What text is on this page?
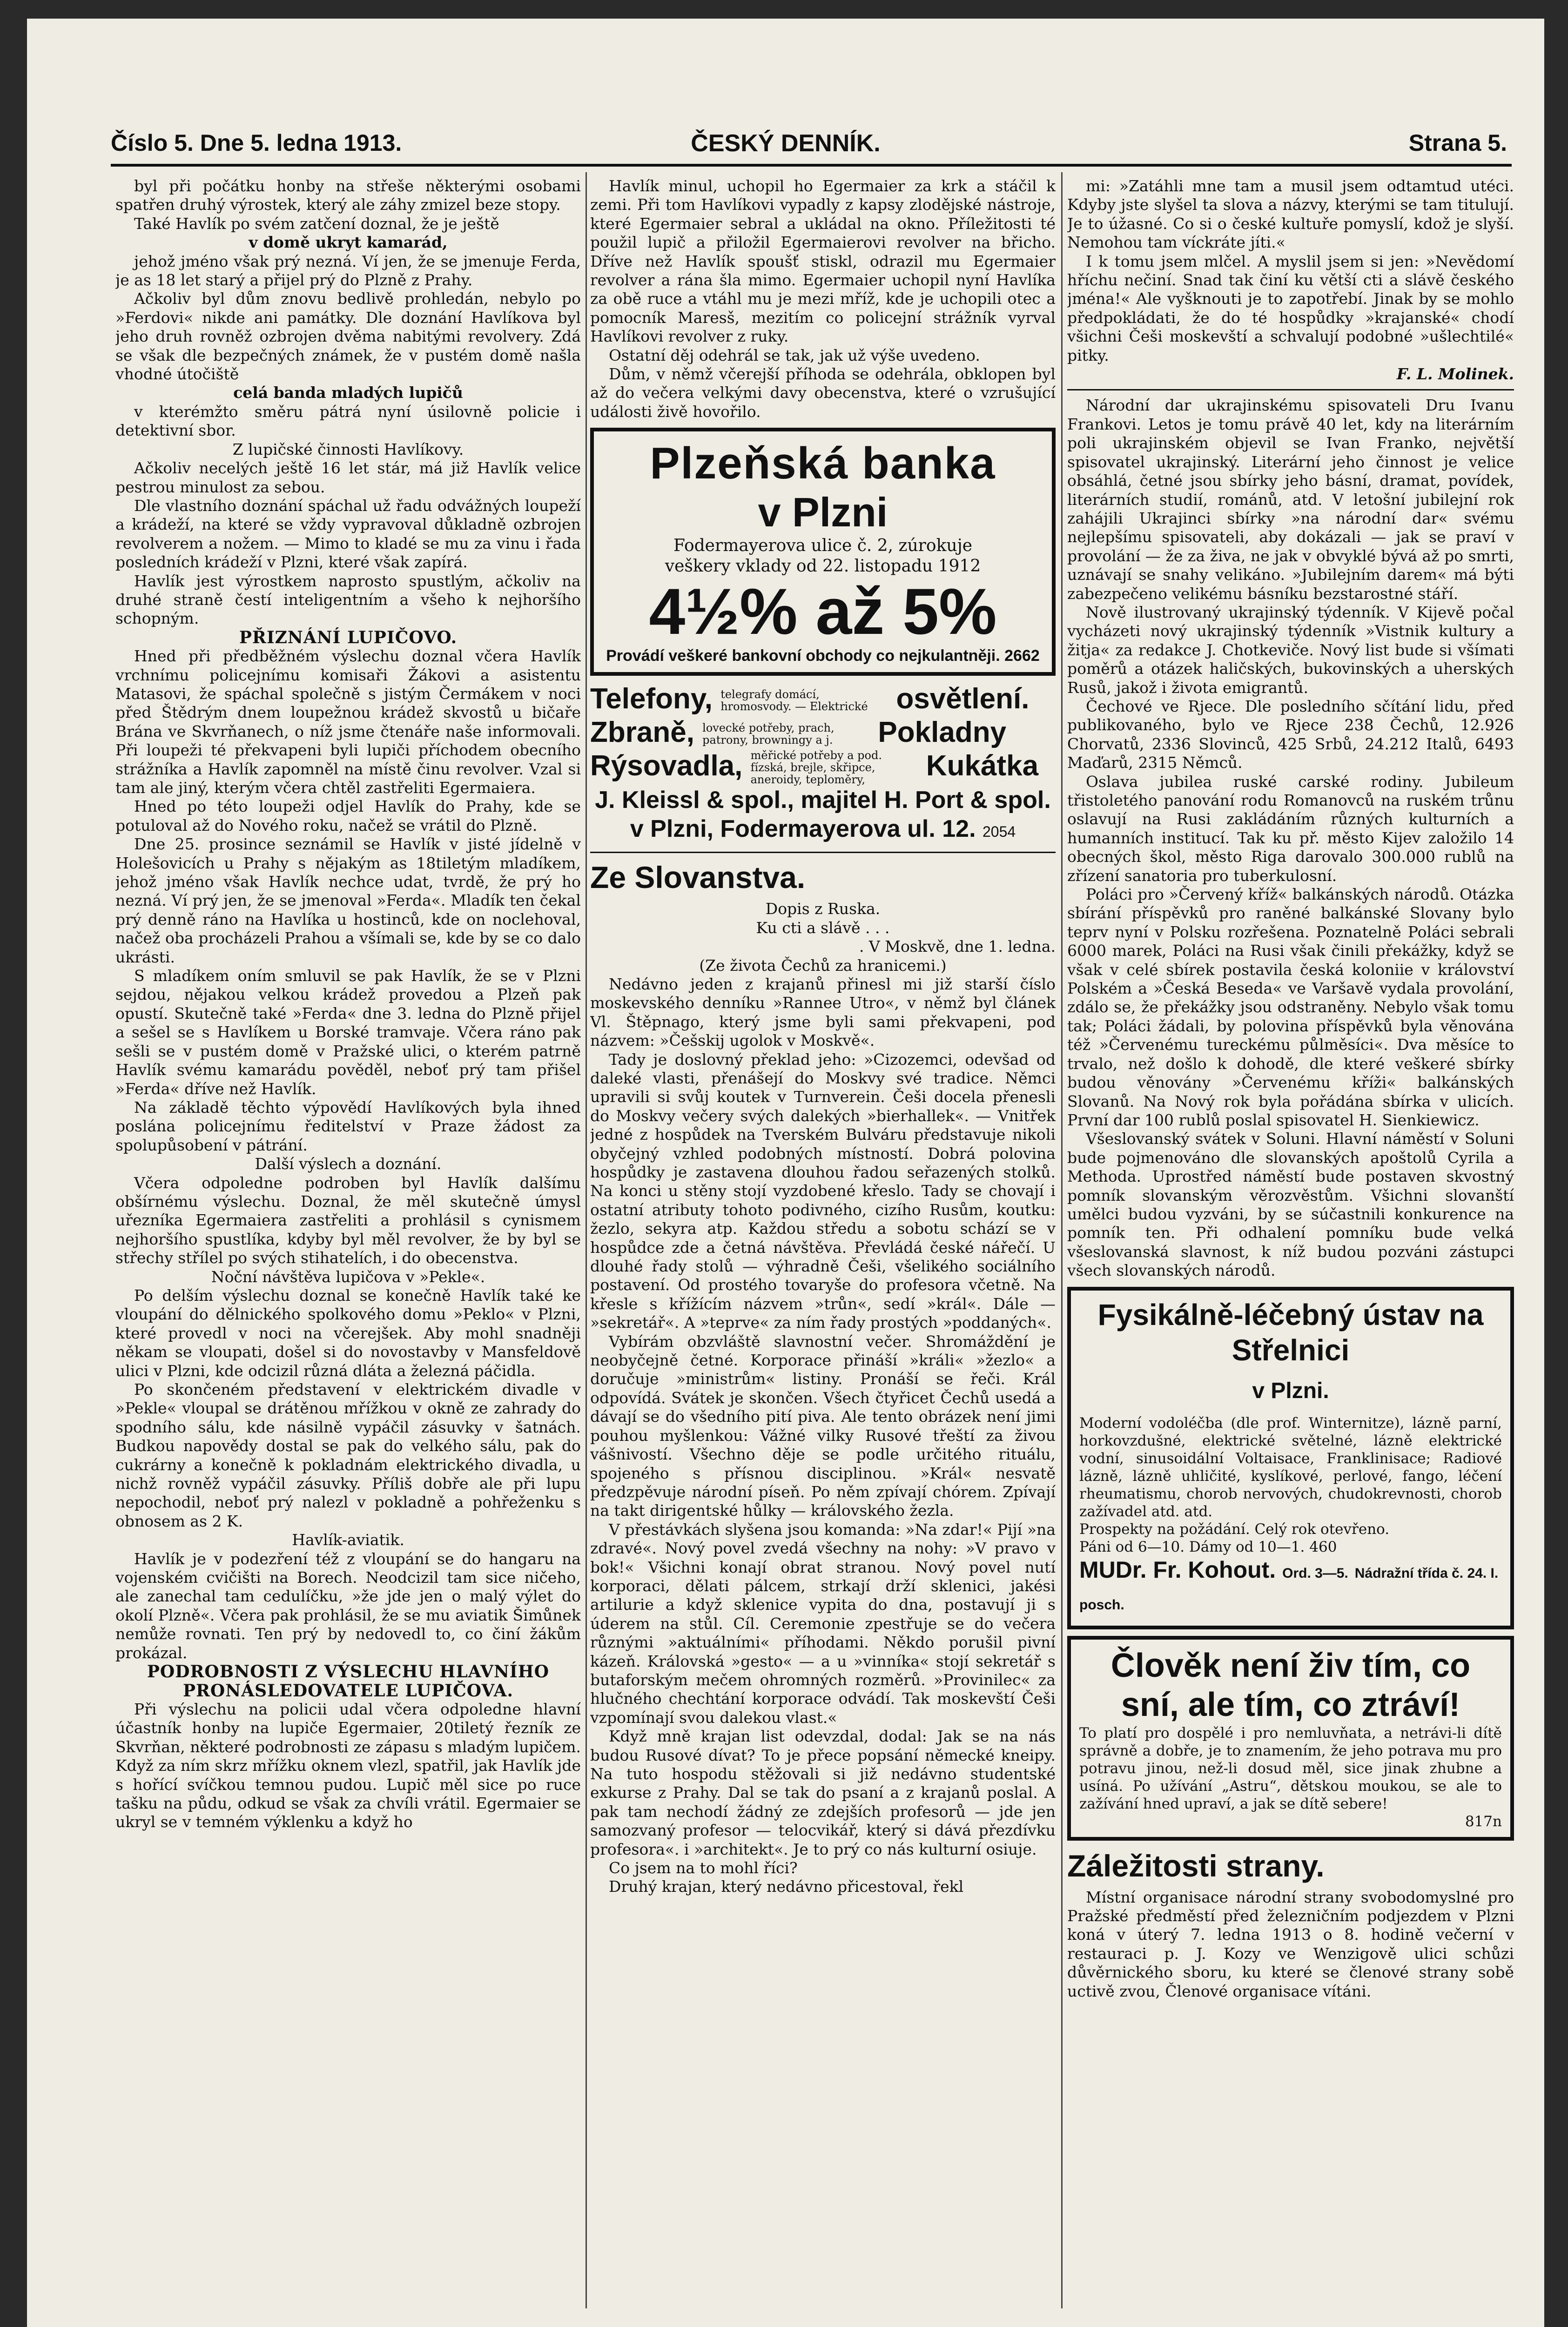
Číslo 5. Dne 5. ledna 1913.	ČESKÝ DENNÍK.	Strana 5.

byl při počátku honby na střeše některými osobami spatřen druhý výrostek, který ale záhy zmizel beze stopy.

Také Havlík po svém zatčení doznal, že je ještě

v domě ukryt kamarád,

jehož jméno však prý nezná. Ví jen, že se jmenuje Ferda, je as 18 let starý a přijel prý do Plzně z Prahy.

Ačkoliv byl dům znovu bedlivě prohledán, nebylo po »Ferdovi« nikde ani památky. Dle doznání Havlíkova byl jeho druh rovněž ozbrojen dvěma nabitými revolvery. Zdá se však dle bezpečných známek, že v pustém domě našla vhodné útočiště

celá banda mladých lupičů

v kterémžto směru pátrá nyní úsilovně policie i detektivní sbor.

Z lupičské činnosti Havlíkovy.

Ačkoliv necelých ještě 16 let stár, má již Havlík velice pestrou minulost za sebou.

Dle vlastního doznání spáchal už řadu odvážných loupeží a krádeží, na které se vždy vypravoval důkladně ozbrojen revolverem a nožem. — Mimo to kladé se mu za vinu i řada posledních krádeží v Plzni, které však zapírá.

Havlík jest výrostkem naprosto spustlým, ačkoliv na druhé straně čestí inteligentním a všeho k nejhoršího schopným.

PŘIZNÁNÍ LUPIČOVO.

Hned při předběžném výslechu doznal včera Havlík vrchnímu policejnímu komisaři Žákovi a asistentu Matasovi, že spáchal společně s jistým Čermákem v noci před Štědrým dnem loupežnou krádež skvostů u bičaře Brána ve Skvrňanech, o níž jsme čtenáře naše informovali. Při loupeži té překvapeni byli lupiči příchodem obecního strážníka a Havlík zapomněl na místě činu revolver. Vzal si tam ale jiný, kterým včera chtěl zastřeliti Egermaiera.

Hned po této loupeži odjel Havlík do Prahy, kde se potuloval až do Nového roku, načež se vrátil do Plzně.

Dne 25. prosince seznámil se Havlík v jisté jídelně v Holešovicích u Prahy s nějakým as 18tiletým mladíkem, jehož jméno však Havlík nechce udat, tvrdě, že prý ho nezná. Ví prý jen, že se jmenoval »Ferda«. Mladík ten čekal prý denně ráno na Havlíka u hostinců, kde on noclehoval, načež oba procházeli Prahou a všímali se, kde by se co dalo ukrásti.

S mladíkem oním smluvil se pak Havlík, že se v Plzni sejdou, nějakou velkou krádež provedou a Plzeň pak opustí. Skutečně také »Ferda« dne 3. ledna do Plzně přijel a sešel se s Havlíkem u Borské tramvaje. Včera ráno pak sešli se v pustém domě v Pražské ulici, o kterém patrně Havlík svému kamarádu pověděl, neboť prý tam přišel »Ferda« dříve než Havlík.

Na základě těchto výpovědí Havlíkových byla ihned poslána policejnímu ředitelství v Praze žádost za spolupůsobení v pátrání.

Další výslech a doznání.

Včera odpoledne podroben byl Havlík dalšímu obšírnému výslechu. Doznal, že měl skutečně úmysl uřezníka Egermaiera zastřeliti a prohlásil s cynismem nejhoršího spustlíka, kdyby byl měl revolver, že by byl se střechy střílel po svých stihatelích, i do obecenstva.

Noční návštěva lupičova v »Pekle«.

Po delším výslechu doznal se konečně Havlík také ke vloupání do dělnického spolkového domu »Peklo« v Plzni, které provedl v noci na včerejšek. Aby mohl snadněji někam se vloupati, došel si do novostavby v Mansfeldově ulici v Plzni, kde odcizil různá dláta a železná páčidla.

Po skončeném představení v elektrickém divadle v »Pekle« vloupal se drátěnou mřížkou v okně ze zahrady do spodního sálu, kde násilně vypáčil zásuvky v šatnách. Budkou napovědy dostal se pak do velkého sálu, pak do cukrárny a konečně k pokladnám elektrického divadla, u nichž rovněž vypáčil zásuvky. Příliš dobře ale při lupu nepochodil, neboť prý nalezl v pokladně a pohřeženku s obnosem as 2 K.

Havlík-aviatik.

Havlík je v podezření též z vloupání se do hangaru na vojenském cvičišti na Borech. Neodcizil tam sice ničeho, ale zanechal tam cedulíčku, »že jde jen o malý výlet do okolí Plzně«. Včera pak prohlásil, že se mu aviatik Šimůnek nemůže rovnati. Ten prý by nedovedl to, co činí žákům prokázal.

PODROBNOSTI Z VÝSLECHU HLAVNÍHO PRONÁSLEDOVATELE LUPIČOVA.

Při výslechu na policii udal včera odpoledne hlavní účastník honby na lupiče Egermaier, 20tiletý řezník ze Skvrňan, některé podrobnosti ze zápasu s mladým lupičem. Když za ním skrz mřížku oknem vlezl, spatřil, jak Havlík jde s hořící svíčkou temnou pudou. Lupič měl sice po ruce tašku na půdu, odkud se však za chvíli vrátil. Egermaier se ukryl se v temném výklenku a když ho

Havlík minul, uchopil ho Egermaier za krk a stáčil k zemi. Při tom Havlíkovi vypadly z kapsy zlodějské nástroje, které Egermaier sebral a ukládal na okno. Příležitosti té použil lupič a přiložil Egermaierovi revolver na břicho. Dříve než Havlík spoušť stiskl, odrazil mu Egermaier revolver a rána šla mimo. Egermaier uchopil nyní Havlíka za obě ruce a vtáhl mu je mezi mříž, kde je uchopili otec a pomocník Maresš, mezitím co policejní strážník vyrval Havlíkovi revolver z ruky.

Ostatní děj odehrál se tak, jak už výše uvedeno.

Dům, v němž včerejší příhoda se odehrála, obklopen byl až do večera velkými davy obecenstva, které o vzrušující události živě hovořilo.

Plzeňská banka
v Plzni
Fodermayerova ulice č. 2, zúrokuje
veškery vklady od 22. listopadu 1912
4½% až 5%
Provádí veškeré bankovní obchody co nejkulantněji. 2662
Telefony, telegrafy domácí, hromosvody. — Elektrické osvětlení.
Zbraně, lovecké potřeby, prach, patrony, browningy a j. Pokladny
Rýsovadla, měřické potřeby a pod. fízská, brejle, skřipce, aneroidy, teploměry, Kukátka
J. Kleissl & spol., majitel H. Port & spol.
v Plzni, Fodermayerova ul. 12. 2054

Ze Slovanstva.

Dopis z Ruska.

Ku cti a slávě . . .

. V Moskvě, dne 1. ledna.

(Ze života Čechů za hranicemi.)

Nedávno jeden z krajanů přinesl mi již starší číslo moskevského denníku »Rannee Utro«, v němž byl článek Vl. Štěpnago, který jsme byli sami překvapeni, pod názvem: »Češskij ugolok v Moskvě«.

Tady je doslovný překlad jeho: »Cizozemci, odevšad od daleké vlasti, přenášejí do Moskvy své tradice. Němci upravili si svůj koutek v Turnverein. Češi docela přenesli do Moskvy večery svých dalekých »bierhallek«. — Vnitřek jedné z hospůdek na Tverském Bulváru představuje nikoli obyčejný vzhled podobných místností. Dobrá polovina hospůdky je zastavena dlouhou řadou seřazených stolků. Na konci u stěny stojí vyzdobené křeslo. Tady se chovají i ostatní atributy tohoto podivného, cizího Rusům, koutku: žezlo, sekyra atp. Každou středu a sobotu schází se v hospůdce zde a četná návštěva. Převládá české nářečí. U dlouhé řady stolů — výhradně Češi, všelikého sociálního postavení. Od prostého tovaryše do profesora včetně. Na křesle s křížícím názvem »trůn«, sedí »král«. Dále — »sekretář«. A »teprve« za ním řady prostých »poddaných«.

Vybírám obzvláště slavnostní večer. Shromáždění je neobyčejně četné. Korporace přináší »králi« »žezlo« a doručuje »ministrům« listiny. Pronáší se řeči. Král odpovídá. Svátek je skončen. Všech čtyřicet Čechů usedá a dávají se do všedního pití piva. Ale tento obrázek není jimi pouhou myšlenkou: Vážné vilky Rusové třeští za živou vášnivostí. Všechno děje se podle určitého rituálu, spojeného s přísnou disciplinou. »Král« nesvatě předzpěvuje národní píseň. Po něm zpívají chórem. Zpívají na takt dirigentské hůlky — královského žezla.

V přestávkách slyšena jsou komanda: »Na zdar!« Pijí »na zdravé«. Nový povel zvedá všechny na nohy: »V pravo v bok!« Všichni konají obrat stranou. Nový povel nutí korporaci, dělati pálcem, strkají drží sklenici, jakési artilurie a když sklenice vypita do dna, postavují ji s úderem na stůl. Cíl. Ceremonie zpestřuje se do večera různými »aktuálními« příhodami. Někdo porušil pivní kázeň. Královská »gesto« — a u »vinníka« stojí sekretář s butaforským mečem ohromných rozměrů. »Provinilec« za hlučného chechtání korporace odvádí. Tak moskevští Češi vzpomínají svou dalekou vlast.«

Když mně krajan list odevzdal, dodal: Jak se na nás budou Rusové dívat? To je přece popsání německé kneipy. Na tuto hospodu stěžovali si již nedávno studentské exkurse z Prahy. Dal se tak do psaní a z krajanů poslal. A pak tam nechodí žádný ze zdejších profesorů — jde jen samozvaný profesor — telocvikář, který si dává přezdívku profesora«. i »architekt«. Je to prý co nás kulturní osiuje.

Co jsem na to mohl říci?

Druhý krajan, který nedávno přicestoval, řekl

mi: »Zatáhli mne tam a musil jsem odtamtud utéci. Kdyby jste slyšel ta slova a názvy, kterými se tam titulují. Je to úžasné. Co si o české kultuře pomyslí, kdož je slyší. Nemohou tam víckráte jíti.«

I k tomu jsem mlčel. A myslil jsem si jen: »Nevědomí hříchu nečiní. Snad tak činí ku větší cti a slávě českého jména!« Ale vyšknouti je to zapotřebí. Jinak by se mohlo předpokládati, že do té hospůdky »krajanské« chodí všichni Češi moskevští a schvalují podobné »ušlechtilé« pitky.

F. L. Molinek.

Národní dar ukrajinskému spisovateli Dru Ivanu Frankovi. Letos je tomu právě 40 let, kdy na literárním poli ukrajinském objevil se Ivan Franko, největší spisovatel ukrajinský. Literární jeho činnost je velice obsáhlá, četné jsou sbírky jeho básní, dramat, povídek, literárních studií, románů, atd. V letošní jubilejní rok zahájili Ukrajinci sbírky »na národní dar« svému nejlepšímu spisovateli, aby dokázali — jak se praví v provolání — že za živa, ne jak v obvyklé bývá až po smrti, uznávají se snahy velikáno. »Jubilejním darem« má býti zabezpečeno velikému básníku bezstarostné stáří.

Nově ilustrovaný ukrajinský týdenník. V Kijevě počal vycházeti nový ukrajinský týdenník »Vistnik kultury a žitja« za redakce J. Chotkeviče. Nový list bude si všímati poměrů a otázek haličských, bukovinských a uherských Rusů, jakož i života emigrantů.

Čechové ve Rjece. Dle posledního sčítání lidu, před publikovaného, bylo ve Rjece 238 Čechů, 12.926 Chorvatů, 2336 Slovinců, 425 Srbů, 24.212 Italů, 6493 Maďarů, 2315 Němců.

Oslava jubilea ruské carské rodiny. Jubileum třistoletého panování rodu Romanovců na ruském trůnu oslavují na Rusi zakládáním různých kulturních a humanních institucí. Tak ku př. město Kijev založilo 14 obecných škol, město Riga darovalo 300.000 rublů na zřízení sanatoria pro tuberkulosní.

Poláci pro »Červený kříž« balkánských národů. Otázka sbírání příspěvků pro raněné balkánské Slovany bylo teprv nyní v Polsku rozřešena. Poznatelně Poláci sebrali 6000 marek, Poláci na Rusi však činili překážky, když se však v celé sbírek postavila česká koloniie v království Polském a »Česká Beseda« ve Varšavě vydala provolání, zdálo se, že překážky jsou odstraněny. Nebylo však tomu tak; Poláci žádali, by polovina příspěvků byla věnována též »Červenému tureckému půlměsíci«. Dva měsíce to trvalo, než došlo k dohodě, dle které veškeré sbírky budou věnovány »Červenému kříži« balkánských Slovanů. Na Nový rok byla pořádána sbírka v ulicích. První dar 100 rublů poslal spisovatel H. Sienkiewicz.

Všeslovanský svátek v Soluni. Hlavní náměstí v Soluni bude pojmenováno dle slovanských apoštolů Cyrila a Methoda. Uprostřed náměstí bude postaven skvostný pomník slovanským věrozvěstům. Všichni slovanští umělci budou vyzváni, by se súčastnili konkurence na pomník ten. Při odhalení pomníku bude velká všeslovanská slavnost, k níž budou pozváni zástupci všech slovanských národů.

Fysikálně-léčebný ústav na Střelnici
v Plzni.
Moderní vodoléčba (dle prof. Winternitze), lázně parní, horkovzdušné, elektrické světelné, lázně elektrické vodní, sinusoidální Voltaisace, Franklinisace; Radiové lázně, lázně uhličité, kyslíkové, perlové, fango, léčení rheumatismu, chorob nervových, chudokrevnosti, chorob zažívadel atd. atd.
Prospekty na požádání. Celý rok otevřeno.
Páni od 6—10. Dámy od 10—1. 460
MUDr. Fr. Kohout. Ord. 3—5. Nádražní třída č. 24. I. posch.
Člověk není živ tím, co sní, ale tím, co ztráví!
To platí pro dospělé i pro nemluvňata, a netrávi-li dítě správně a dobře, je to znamením, že jeho potrava mu pro potravu jinou, než-li dosud měl, sice jinak zhubne a usíná. Po užívání „Astru“, dětskou moukou, se ale to zažívání hned upraví, a jak se dítě sebere!
817n

Záležitosti strany.

Místní organisace národní strany svobodomyslné pro Pražské předměstí před železničním podjezdem v Plzni koná v úterý 7. ledna 1913 o 8. hodině večerní v restauraci p. J. Kozy ve Wenzigově ulici schůzi důvěrnického sboru, ku které se členové strany sobě uctivě zvou, Členové organisace vítáni.
